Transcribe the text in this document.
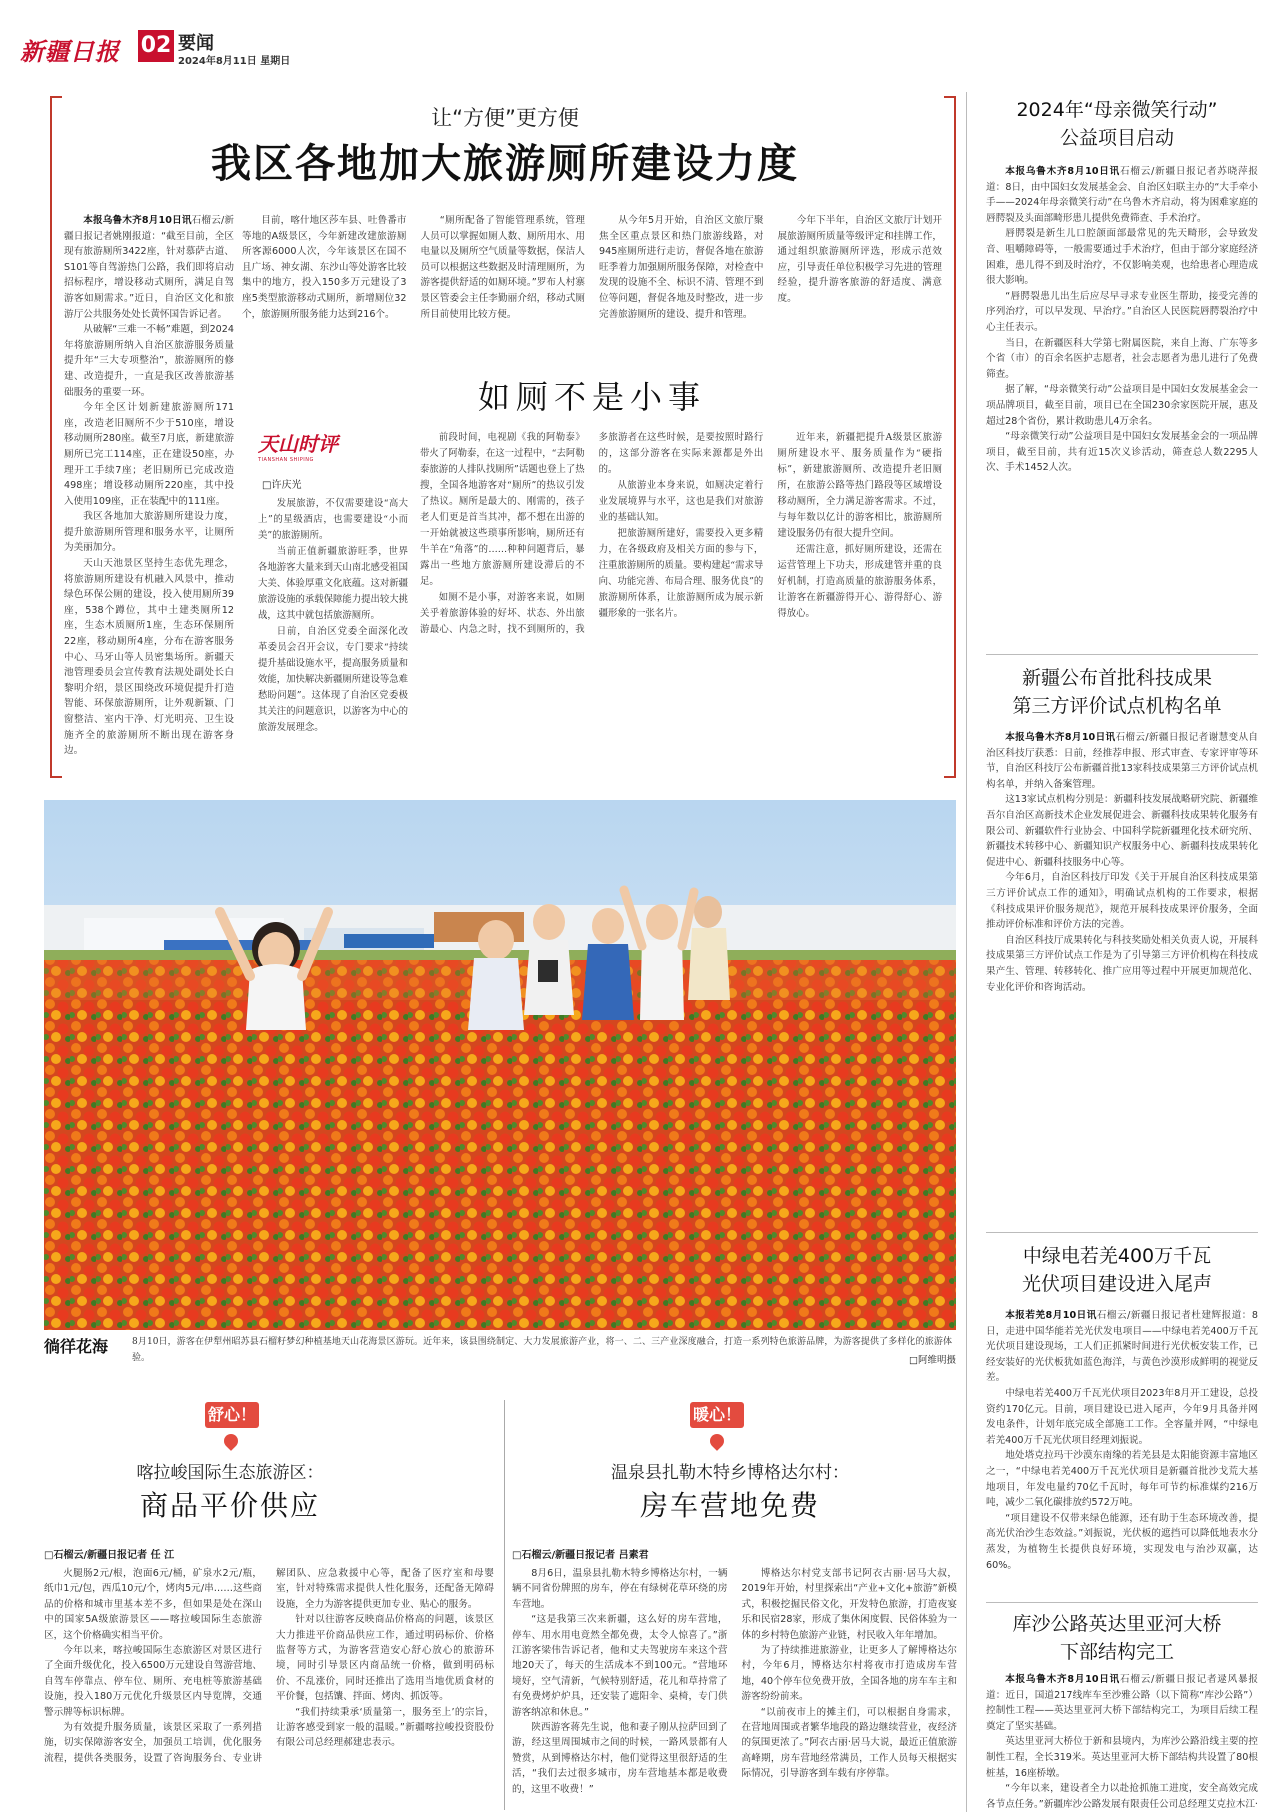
新疆日报 02 要闻
2024年8月11日 星期日
让“方便”更方便
我区各地加大旅游厕所建设力度

本报乌鲁木齐8月10日讯石榴云/新疆日报记者姚刚报道：“截至目前，全区现有旅游厕所3422座，针对慕萨古道、S101等自驾游热门公路，我们即将启动招标程序，增设移动式厕所，满足自驾游客如厕需求。”近日，自治区文化和旅游厅公共服务处处长黄怀国告诉记者。

从破解“三难一不畅”难题，到2024年将旅游厕所纳入自治区旅游服务质量提升年“三大专项整治”，旅游厕所的修建、改造提升，一直是我区改善旅游基础服务的重要一环。

今年全区计划新建旅游厕所171座，改造老旧厕所不少于510座，增设移动厕所280座。截至7月底，新建旅游厕所已完工114座，正在建设50座，办理开工手续7座；老旧厕所已完成改造498座；增设移动厕所220座，其中投入使用109座，正在装配中的111座。

我区各地加大旅游厕所建设力度，提升旅游厕所管理和服务水平，让厕所为美丽加分。

天山天池景区坚持生态优先理念，将旅游厕所建设有机融入风景中，推动绿色环保公厕的建设，投入使用厕所39座，538个蹲位，其中土建类厕所12座，生态木质厕所1座，生态环保厕所22座，移动厕所4座，分布在游客服务中心、马牙山等人员密集场所。新疆天池管理委员会宣传教育法规处副处长白黎明介绍，景区围绕改环境促提升打造智能、环保旅游厕所，让外观新颖、门窗整洁、室内干净、灯光明亮、卫生设施齐全的旅游厕所不断出现在游客身边。

目前，喀什地区莎车县、吐鲁番市等地的A级景区，今年新建改建旅游厕所客源6000人次，今年该景区在国不且广场、神女湖、东沙山等处游客比较集中的地方，投入150多万元建设了3座5类型旅游移动式厕所，新增厕位32个，旅游厕所服务能力达到216个。

“厕所配备了智能管理系统，管理人员可以掌握如厕人数、厕所用水、用电量以及厕所空气质量等数据，保洁人员可以根据这些数据及时清理厕所，为游客提供舒适的如厕环境。”罗布人村寨景区管委会主任李勤丽介绍，移动式厕所目前使用比较方便。

从今年5月开始，自治区文旅厅聚焦全区重点景区和热门旅游线路，对945座厕所进行走访，督促各地在旅游旺季着力加强厕所服务保障，对检查中发现的设施不全、标识不清、管理不到位等问题，督促各地及时整改，进一步完善旅游厕所的建设、提升和管理。

今年下半年，自治区文旅厅计划开展旅游厕所质量等级评定和挂牌工作，通过组织旅游厕所评选，形成示范效应，引导责任单位积极学习先进的管理经验，提升游客旅游的舒适度、满意度。

如厕不是小事
天山时评
TIANSHAN SHIPING
□许庆光

发展旅游，不仅需要建设“高大上”的星级酒店，也需要建设“小而美”的旅游厕所。

当前正值新疆旅游旺季，世界各地游客大量来到天山南北感受祖国大美、体验厚重文化底蕴。这对新疆旅游设施的承载保障能力提出较大挑战，这其中就包括旅游厕所。

日前，自治区党委全面深化改革委员会召开会议，专门要求“持续提升基础设施水平，提高服务质量和效能，加快解决新疆厕所建设等急难愁盼问题”。这体现了自治区党委极其关注的问题意识，以游客为中心的旅游发展理念。

前段时间，电视剧《我的阿勒泰》带火了阿勒泰，在这一过程中，“去阿勒泰旅游的人排队找厕所”话题也登上了热搜，全国各地游客对“厕所”的热议引发了热议。厕所是最大的、刚需的，孩子老人们更是首当其冲，都不想在出游的一开始就被这些琐事所影响，厕所还有牛羊在“角落”的……种种问题背后，暴露出一些地方旅游厕所建设滞后的不足。

如厕不是小事，对游客来说，如厕关乎着旅游体验的好坏、状态、外出旅游最心、内急之时，找不到厕所的，我多旅游者在这些时候，是要按照时路行的，这部分游客在实际来源都是外出的。

从旅游业本身来说，如厕决定着行业发展境界与水平，这也是我们对旅游业的基础认知。

把旅游厕所建好，需要投入更多精力，在各级政府及相关方面的参与下，注重旅游厕所的质量。要构建起“需求导向、功能完善、布局合理、服务优良”的旅游厕所体系，让旅游厕所成为展示新疆形象的一张名片。

近年来，新疆把提升A级景区旅游厕所建设水平、服务质量作为“硬指标”，新建旅游厕所、改造提升老旧厕所，在旅游公路等热门路段等区域增设移动厕所，全力满足游客需求。不过，与每年数以亿计的游客相比，旅游厕所建设服务仍有很大提升空间。

还需注意，抓好厕所建设，还需在运营管理上下功夫，形成建管并重的良好机制，打造高质量的旅游服务体系，让游客在新疆游得开心、游得舒心、游得放心。

徜徉花海	8月10日，游客在伊犁州昭苏县石榴籽梦幻种植基地天山花海景区游玩。近年来，该县围绕制定、大力发展旅游产业，将一、二、三产业深度融合，打造一系列特色旅游品牌，为游客提供了多样化的旅游体验。	□阿维明摄
舒心！
喀拉峻国际生态旅游区：
商品平价供应
□石榴云/新疆日报记者 任 江

火腿肠2元/根，泡面6元/桶，矿泉水2元/瓶，纸巾1元/包，西瓜10元/个，烤肉5元/串……这些商品的价格和城市里基本差不多，但如果是处在深山中的国家5A级旅游景区——喀拉峻国际生态旅游区，这个价格确实相当平价。

今年以来，喀拉峻国际生态旅游区对景区进行了全面升级优化，投入6500万元建设自驾游营地、自驾车停靠点、停车位、厕所、充电桩等旅游基础设施，投入180万元优化升级景区内导览牌，交通警示牌等标识标牌。

为有效提升服务质量，该景区采取了一系列措施，切实保障游客安全，加强员工培训，优化服务流程，提供各类服务，设置了咨询服务台、专业讲解团队、应急救援中心等，配备了医疗室和母婴室，针对特殊需求提供人性化服务，还配备无障碍设施，全力为游客提供更加专业、贴心的服务。

针对以往游客反映商品价格高的问题，该景区大力推进平价商品供应工作，通过明码标价、价格监督等方式，为游客营造安心舒心放心的旅游环境，同时引导景区内商品统一价格，做到明码标价、不乱涨价，同时还推出了选用当地优质食材的平价餐，包括馕、拌面、烤肉、抓饭等。

“我们持续秉承‘质量第一，服务至上’的宗旨，让游客感受到家一般的温暖。”新疆喀拉峻投资股份有限公司总经理郝建忠表示。

暖心！
温泉县扎勒木特乡博格达尔村：
房车营地免费
□石榴云/新疆日报记者 吕素君

8月6日，温泉县扎勒木特乡博格达尔村，一辆辆不同省份牌照的房车，停在有绿树花草环绕的房车营地。

“这是我第三次来新疆，这么好的房车营地，停车、用水用电竟然全都免费，太令人惊喜了。”浙江游客梁伟告诉记者，他和丈夫驾驶房车来这个营地20天了，每天的生活成本不到100元。“营地环境好，空气清新，气候特别舒适，花儿和草持常了有免费烤炉炉具，还安装了遮阳伞、桌椅，专门供游客纳凉和休息。”

陕西游客蒋先生说，他和妻子刚从拉萨回到了游，经这里周围城市之间的时候，一路风景都有人赞赏，从到博格达尔村，他们觉得这里很舒适的生活，“我们去过很多城市，房车营地基本都是收费的，这里不收费！”

博格达尔村党支部书记阿衣古丽·居马大叔，2019年开始，村里探索出“产业+文化+旅游”新模式，积极挖掘民俗文化，开发特色旅游，打造夜宴乐和民宿28家，形成了集休闲度假、民俗体验为一体的乡村特色旅游产业链，村民收入年年增加。

为了持续推进旅游业，让更多人了解博格达尔村，今年6月，博格达尔村将夜市打造成房车营地，40个停车位免费开放，全国各地的房车车主和游客纷纷前来。

“以前夜市上的摊主们，可以根据自身需求，在营地周围或者繁华地段的路边继续营业，夜经济的氛围更浓了。”阿衣古丽·居马大说，最近正值旅游高峰期，房车营地经常满员，工作人员每天根据实际情况，引导游客到车载有序停靠。

2024年“母亲微笑行动”
公益项目启动

本报乌鲁木齐8月10日讯石榴云/新疆日报记者苏晓萍报道：8日，由中国妇女发展基金会、自治区妇联主办的“大手牵小手——2024年母亲微笑行动”在乌鲁木齐启动，将为困难家庭的唇腭裂及头面部畸形患儿提供免费筛查、手术治疗。

唇腭裂是新生儿口腔颌面部最常见的先天畸形，会导致发音、咀嚼障碍等，一般需要通过手术治疗，但由于部分家庭经济困难，患儿得不到及时治疗，不仅影响美观，也给患者心理造成很大影响。

“唇腭裂患儿出生后应尽早寻求专业医生帮助，接受完善的序列治疗，可以早发现、早治疗。”自治区人民医院唇腭裂治疗中心主任表示。

当日，在新疆医科大学第七附属医院，来自上海、广东等多个省（市）的百余名医护志愿者，社会志愿者为患儿进行了免费筛查。

据了解，“母亲微笑行动”公益项目是中国妇女发展基金会一项品牌项目，截至目前，项目已在全国230余家医院开展，惠及超过28个省份，累计救助患儿4万余名。

“母亲微笑行动”公益项目是中国妇女发展基金会的一项品牌项目，截至目前，共有近15次义诊活动，筛查总人数2295人次、手术1452人次。

新疆公布首批科技成果
第三方评价试点机构名单

本报乌鲁木齐8月10日讯石榴云/新疆日报记者谢慧变从自治区科技厅获悉：日前，经推荐申报、形式审查、专家评审等环节，自治区科技厅公布新疆首批13家科技成果第三方评价试点机构名单，并纳入备案管理。

这13家试点机构分别是：新疆科技发展战略研究院、新疆维吾尔自治区高新技术企业发展促进会、新疆科技成果转化服务有限公司、新疆软件行业协会、中国科学院新疆理化技术研究所、新疆技术转移中心、新疆知识产权服务中心、新疆科技成果转化促进中心、新疆科技服务中心等。

今年6月，自治区科技厅印发《关于开展自治区科技成果第三方评价试点工作的通知》，明确试点机构的工作要求，根据《科技成果评价服务规范》，规范开展科技成果评价服务，全面推动评价标准和评价方法的完善。

自治区科技厅成果转化与科技奖励处相关负责人说，开展科技成果第三方评价试点工作是为了引导第三方评价机构在科技成果产生、管理、转移转化、推广应用等过程中开展更加规范化、专业化评价和咨询活动。

中绿电若羌400万千瓦
光伏项目建设进入尾声

本报若羌8月10日讯石榴云/新疆日报记者杜建辉报道：8日，走进中国华能若羌光伏发电项目——中绿电若羌400万千瓦光伏项目建设现场，工人们正抓紧时间进行光伏板安装工作，已经安装好的光伏板犹如蓝色海洋，与黄色沙漠形成鲜明的视觉反差。

中绿电若羌400万千瓦光伏项目2023年8月开工建设，总投资约170亿元。目前，项目建设已进入尾声，今年9月具备并网发电条件，计划年底完成全部施工工作。全容量并网，“中绿电若羌400万千瓦光伏项目经理刘振说。

地处塔克拉玛干沙漠东南缘的若羌县是太阳能资源丰富地区之一，“中绿电若羌400万千瓦光伏项目是新疆首批沙戈荒大基地项目，年发电量约70亿千瓦时，每年可节约标准煤约216万吨，减少二氧化碳排放约572万吨。

“项目建设不仅带来绿色能源，还有助于生态环境改善，提高光伏治沙生态效益。”刘振说，光伏板的遮挡可以降低地表水分蒸发，为植物生长提供良好环境，实现发电与治沙双赢，达60%。

库沙公路英达里亚河大桥
下部结构完工

本报乌鲁木齐8月10日讯石榴云/新疆日报记者逯风暴报道：近日，国道217线库车至沙雅公路（以下简称“库沙公路”）控制性工程——英达里亚河大桥下部结构完工，为项目后续工程奠定了坚实基础。

英达里亚河大桥位于新和县境内，为库沙公路沿线主要的控制性工程，全长319米。英达里亚河大桥下部结构共设置了80根桩基，16座桥墩。

“今年以来，建设者全力以赴抢抓施工进度，安全高效完成各节点任务。”新疆库沙公路发展有限责任公司总经理艾克拉木江·
